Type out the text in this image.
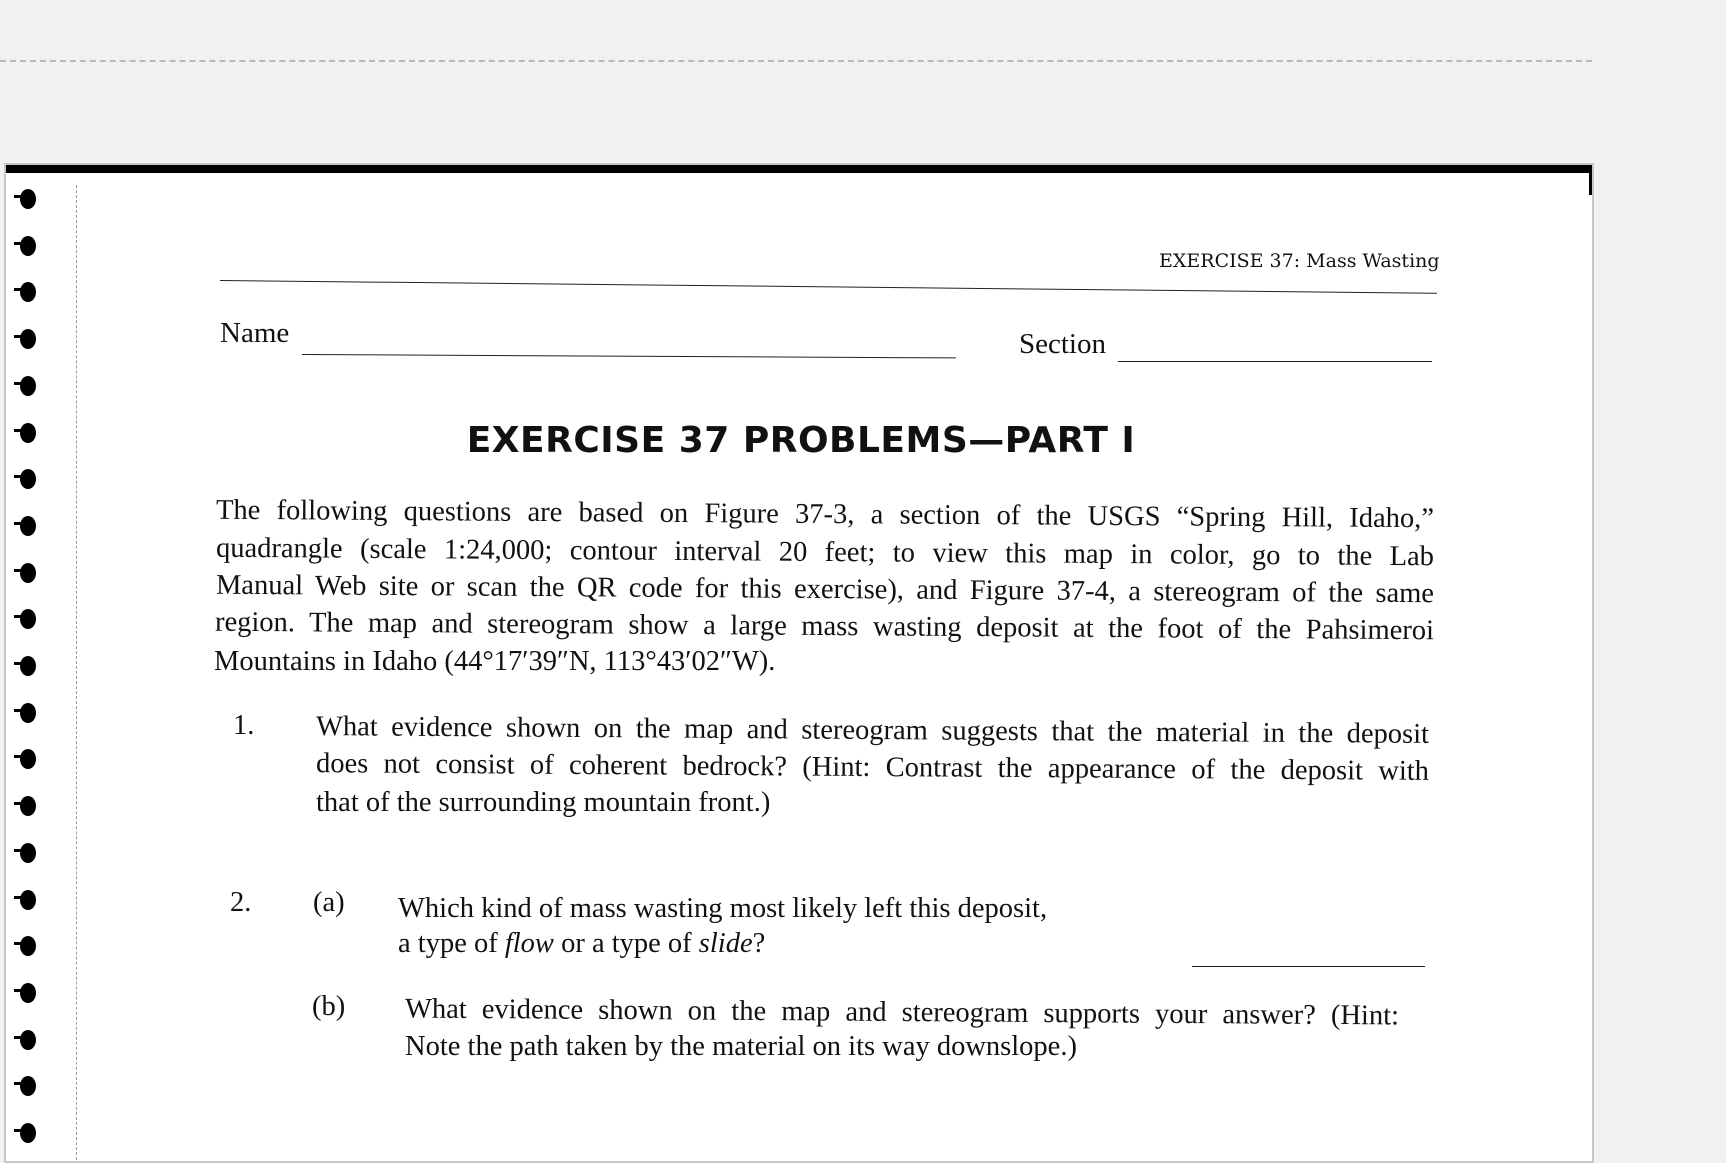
EXERCISE 37: Mass Wasting
Name	Section
EXERCISE 37 PROBLEMS—PART I
The following questions are based on Figure 37-3, a section of the USGS “Spring Hill, Idaho,”
quadrangle (scale 1:24,000; contour interval 20 feet; to view this map in color, go to the Lab
Manual Web site or scan the QR code for this exercise), and Figure 37-4, a stereogram of the same
region. The map and stereogram show a large mass wasting deposit at the foot of the Pahsimeroi
Mountains in Idaho (44°17′39″N, 113°43′02″W).
1. What evidence shown on the map and stereogram suggests that the material in the deposit
does not consist of coherent bedrock? (Hint: Contrast the appearance of the deposit with
that of the surrounding mountain front.)
2. (a) Which kind of mass wasting most likely left this deposit,
a type of flow or a type of slide?
(b) What evidence shown on the map and stereogram supports your answer? (Hint:
Note the path taken by the material on its way downslope.)
